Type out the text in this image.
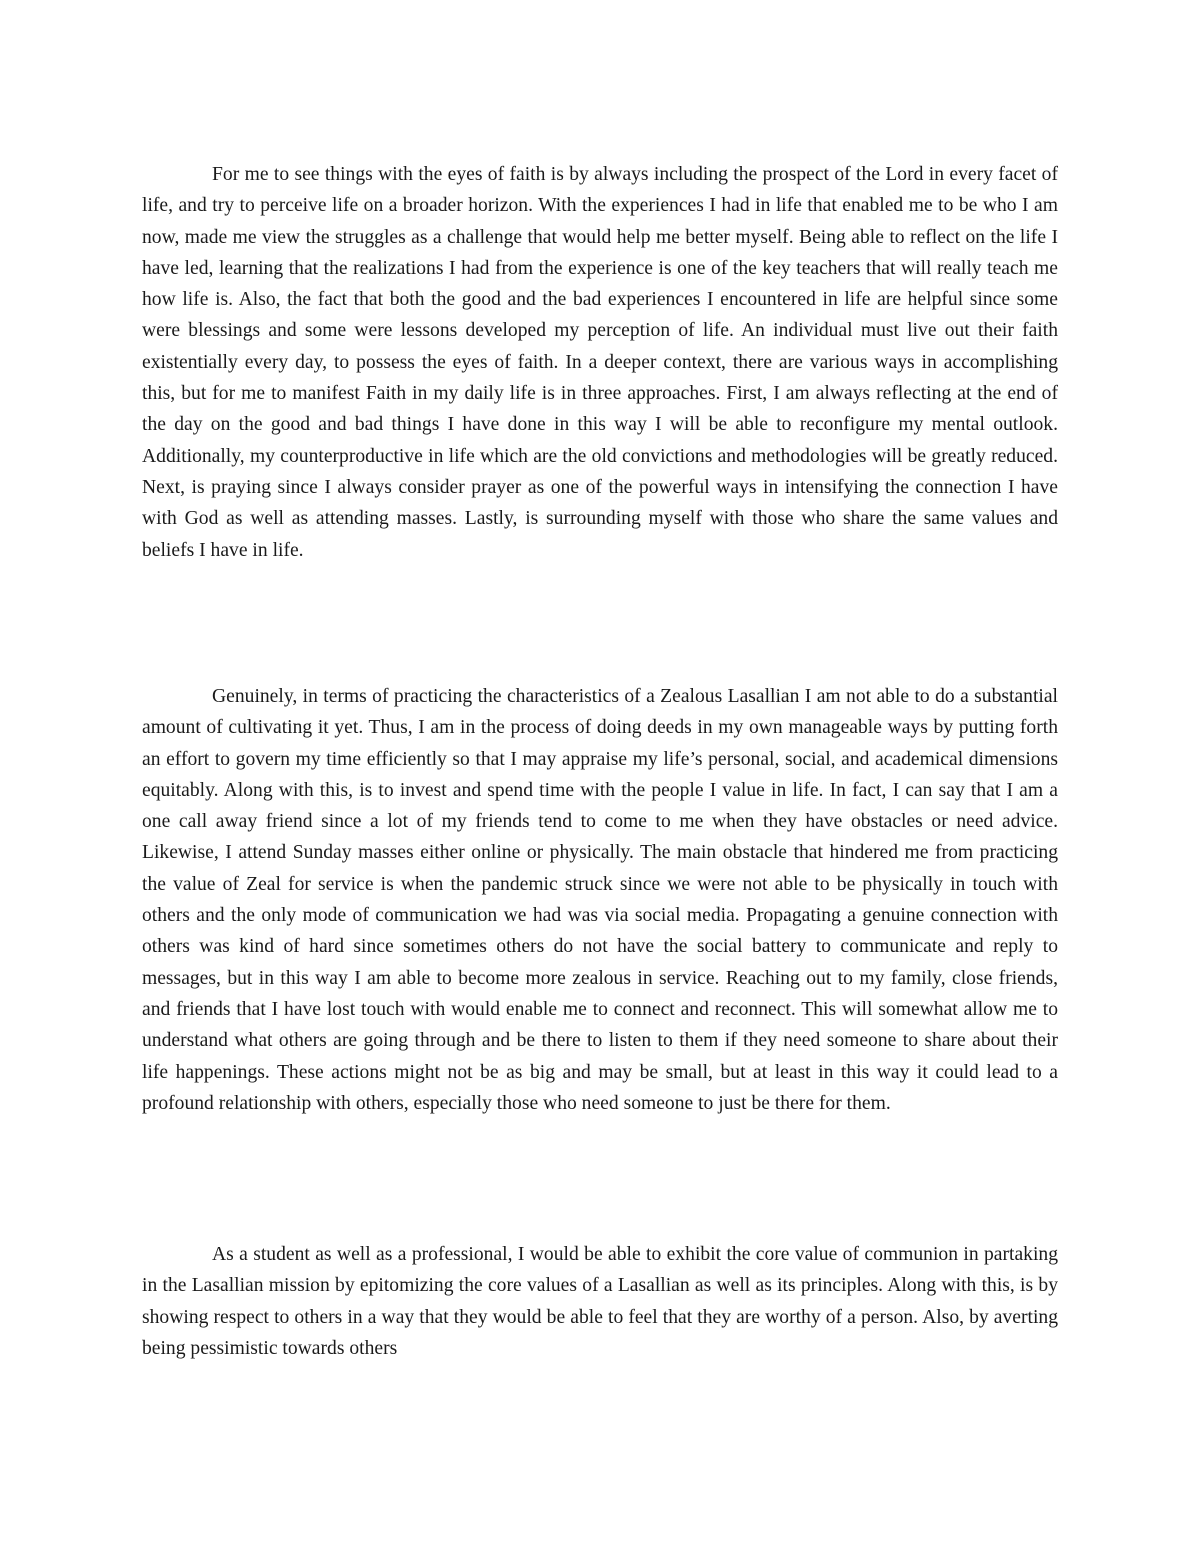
For me to see things with the eyes of faith is by always including the prospect of the Lord in every facet of life, and try to perceive life on a broader horizon. With the experiences I had in life that enabled me to be who I am now, made me view the struggles as a challenge that would help me better myself. Being able to reflect on the life I have led, learning that the realizations I had from the experience is one of the key teachers that will really teach me how life is. Also, the fact that both the good and the bad experiences I encountered in life are helpful since some were blessings and some were lessons developed my perception of life. An individual must live out their faith existentially every day, to possess the eyes of faith. In a deeper context, there are various ways in accomplishing this, but for me to manifest Faith in my daily life is in three approaches. First, I am always reflecting at the end of the day on the good and bad things I have done in this way I will be able to reconfigure my mental outlook. Additionally, my counterproductive in life which are the old convictions and methodologies will be greatly reduced. Next, is praying since I always consider prayer as one of the powerful ways in intensifying the connection I have with God as well as attending masses. Lastly, is surrounding myself with those who share the same values and beliefs I have in life.

Genuinely, in terms of practicing the characteristics of a Zealous Lasallian I am not able to do a substantial amount of cultivating it yet. Thus, I am in the process of doing deeds in my own manageable ways by putting forth an effort to govern my time efficiently so that I may appraise my life’s personal, social, and academical dimensions equitably. Along with this, is to invest and spend time with the people I value in life. In fact, I can say that I am a one call away friend since a lot of my friends tend to come to me when they have obstacles or need advice. Likewise, I attend Sunday masses either online or physically. The main obstacle that hindered me from practicing the value of Zeal for service is when the pandemic struck since we were not able to be physically in touch with others and the only mode of communication we had was via social media. Propagating a genuine connection with others was kind of hard since sometimes others do not have the social battery to communicate and reply to messages, but in this way I am able to become more zealous in service. Reaching out to my family, close friends, and friends that I have lost touch with would enable me to connect and reconnect. This will somewhat allow me to understand what others are going through and be there to listen to them if they need someone to share about their life happenings. These actions might not be as big and may be small, but at least in this way it could lead to a profound relationship with others, especially those who need someone to just be there for them.

As a student as well as a professional, I would be able to exhibit the core value of communion in partaking in the Lasallian mission by epitomizing the core values of a Lasallian as well as its principles. Along with this, is by showing respect to others in a way that they would be able to feel that they are worthy of a person. Also, by averting being pessimistic towards others
